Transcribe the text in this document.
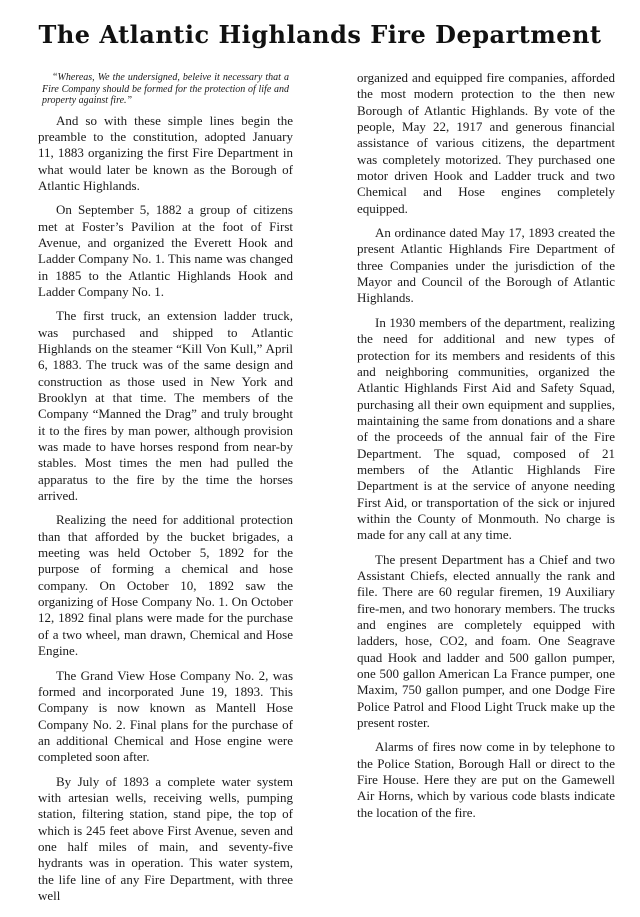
The Atlantic Highlands Fire Department

“Whereas, We the undersigned, beleive it necessary that a Fire Company should be formed for the protection of life and property against fire.”

And so with these simple lines begin the preamble to the constitution, adopted January 11, 1883 organizing the first Fire Department in what would later be known as the Borough of Atlantic Highlands.

On September 5, 1882 a group of citizens met at Foster’s Pavilion at the foot of First Avenue, and organized the Everett Hook and Ladder Company No. 1. This name was changed in 1885 to the Atlantic Highlands Hook and Ladder Company No. 1.

The first truck, an extension ladder truck, was purchased and shipped to Atlantic Highlands on the steamer “Kill Von Kull,” April 6, 1883. The truck was of the same design and construction as those used in New York and Brooklyn at that time. The members of the Company “Manned the Drag” and truly brought it to the fires by man power, although provision was made to have horses respond from near-by stables. Most times the men had pulled the apparatus to the fire by the time the horses arrived.

Realizing the need for additional protection than that afforded by the bucket brigades, a meeting was held October 5, 1892 for the purpose of forming a chemical and hose company. On October 10, 1892 saw the organizing of Hose Company No. 1. On October 12, 1892 final plans were made for the purchase of a two wheel, man drawn, Chemical and Hose Engine.

The Grand View Hose Company No. 2, was formed and incorporated June 19, 1893. This Company is now known as Mantell Hose Company No. 2. Final plans for the purchase of an additional Chemical and Hose engine were completed soon after.

By July of 1893 a complete water system with artesian wells, receiving wells, pumping station, filtering station, stand pipe, the top of which is 245 feet above First Avenue, seven and one half miles of main, and seventy-five hydrants was in operation. This water system, the life line of any Fire Department, with three well

organized and equipped fire companies, afforded the most modern protection to the then new Borough of Atlantic Highlands. By vote of the people, May 22, 1917 and generous financial assistance of various citizens, the department was completely motorized. They purchased one motor driven Hook and Ladder truck and two Chemical and Hose engines completely equipped.

An ordinance dated May 17, 1893 created the present Atlantic Highlands Fire Department of three Companies under the jurisdiction of the Mayor and Council of the Borough of Atlantic Highlands.

In 1930 members of the department, realizing the need for additional and new types of protection for its members and residents of this and neighboring communities, organized the Atlantic Highlands First Aid and Safety Squad, purchasing all their own equipment and supplies, maintaining the same from donations and a share of the proceeds of the annual fair of the Fire Department. The squad, composed of 21 members of the Atlantic Highlands Fire Department is at the service of anyone needing First Aid, or transportation of the sick or injured within the County of Monmouth. No charge is made for any call at any time.

The present Department has a Chief and two Assistant Chiefs, elected annually the rank and file. There are 60 regular firemen, 19 Auxiliary fire-men, and two honorary members. The trucks and engines are completely equipped with ladders, hose, CO2, and foam. One Seagrave quad Hook and ladder and 500 gallon pumper, one 500 gallon American La France pumper, one Maxim, 750 gallon pumper, and one Dodge Fire Police Patrol and Flood Light Truck make up the present roster.

Alarms of fires now come in by telephone to the Police Station, Borough Hall or direct to the Fire House. Here they are put on the Gamewell Air Horns, which by various code blasts indicate the location of the fire.
